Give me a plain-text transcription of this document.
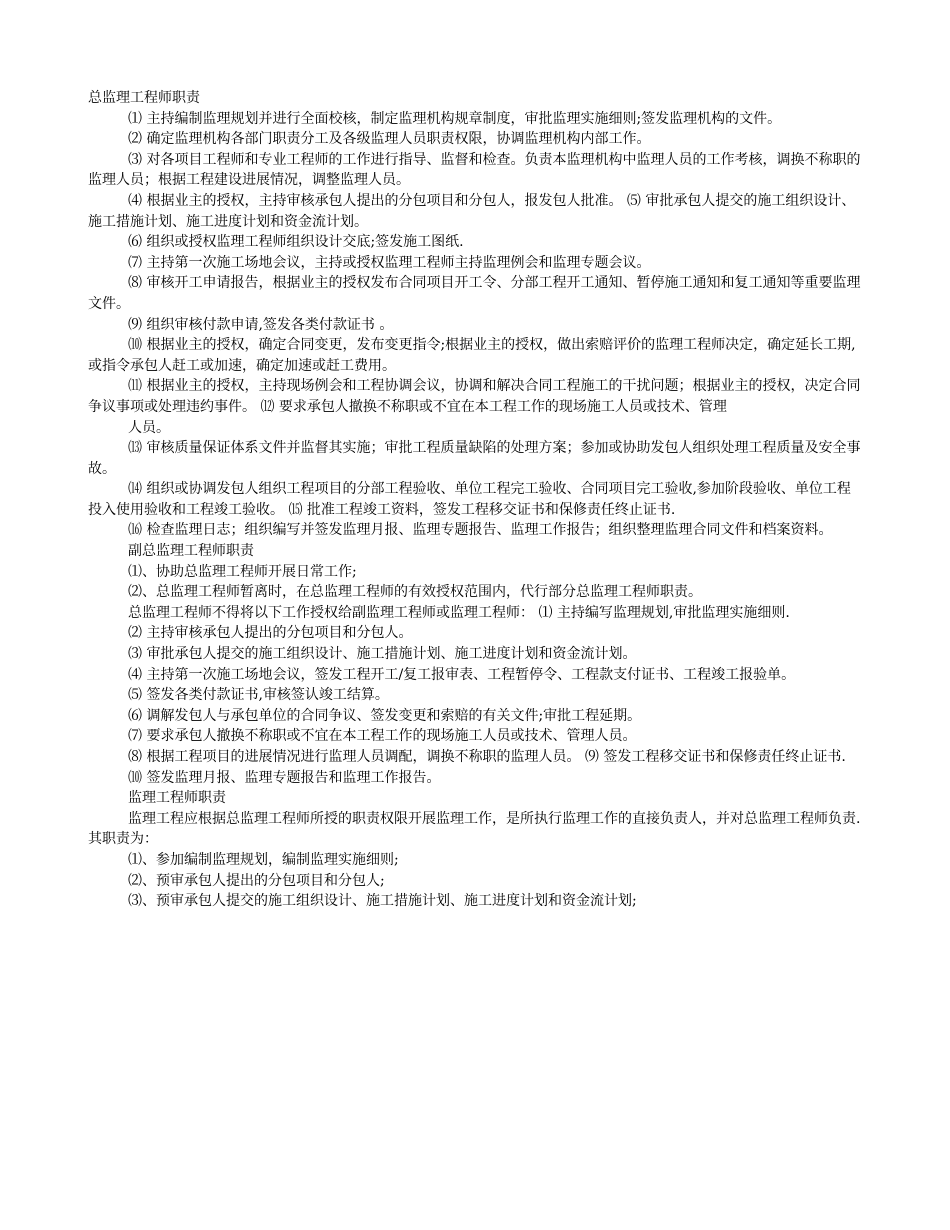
总监理工程师职责

⑴ 主持编制监理规划并进行全面校核，制定监理机构规章制度，审批监理实施细则;签发监理机构的文件。

⑵ 确定监理机构各部门职责分工及各级监理人员职责权限，协调监理机构内部工作。

⑶ 对各项目工程师和专业工程师的工作进行指导、监督和检查。负责本监理机构中监理人员的工作考核，调换不称职的监理人员；根据工程建设进展情况，调整监理人员。

⑷ 根据业主的授权，主持审核承包人提出的分包项目和分包人，报发包人批准。 ⑸ 审批承包人提交的施工组织设计、施工措施计划、施工进度计划和资金流计划。

⑹ 组织或授权监理工程师组织设计交底;签发施工图纸.

⑺ 主持第一次施工场地会议，主持或授权监理工程师主持监理例会和监理专题会议。

⑻ 审核开工申请报告，根据业主的授权发布合同项目开工令、分部工程开工通知、暂停施工通知和复工通知等重要监理文件。

⑼ 组织审核付款申请,签发各类付款证书 。

⑽ 根据业主的授权，确定合同变更，发布变更指令;根据业主的授权，做出索赔评价的监理工程师决定，确定延长工期,或指令承包人赶工或加速，确定加速或赶工费用。

⑾ 根据业主的授权，主持现场例会和工程协调会议，协调和解决合同工程施工的干扰问题；根据业主的授权，决定合同争议事项或处理违约事件。 ⑿ 要求承包人撤换不称职或不宜在本工程工作的现场施工人员或技术、管理

人员。

⒀ 审核质量保证体系文件并监督其实施；审批工程质量缺陷的处理方案；参加或协助发包人组织处理工程质量及安全事故。

⒁ 组织或协调发包人组织工程项目的分部工程验收、单位工程完工验收、合同项目完工验收,参加阶段验收、单位工程投入使用验收和工程竣工验收。 ⒂ 批准工程竣工资料，签发工程移交证书和保修责任终止证书.

⒃ 检查监理日志；组织编写并签发监理月报、监理专题报告、监理工作报告；组织整理监理合同文件和档案资料。

副总监理工程师职责

⑴、协助总监理工程师开展日常工作;

⑵、总监理工程师暂离时，在总监理工程师的有效授权范围内，代行部分总监理工程师职责。

总监理工程师不得将以下工作授权给副监理工程师或监理工程师： ⑴ 主持编写监理规划,审批监理实施细则.

⑵ 主持审核承包人提出的分包项目和分包人。

⑶ 审批承包人提交的施工组织设计、施工措施计划、施工进度计划和资金流计划。

⑷ 主持第一次施工场地会议，签发工程开工/复工报审表、工程暂停令、工程款支付证书、工程竣工报验单。

⑸ 签发各类付款证书,审核签认竣工结算。

⑹ 调解发包人与承包单位的合同争议、签发变更和索赔的有关文件;审批工程延期。

⑺ 要求承包人撤换不称职或不宜在本工程工作的现场施工人员或技术、管理人员。

⑻ 根据工程项目的进展情况进行监理人员调配，调换不称职的监理人员。 ⑼ 签发工程移交证书和保修责任终止证书.

⑽ 签发监理月报、监理专题报告和监理工作报告。

监理工程师职责

监理工程应根据总监理工程师所授的职责权限开展监理工作，是所执行监理工作的直接负责人，并对总监理工程师负责.其职责为：

⑴、参加编制监理规划，编制监理实施细则;

⑵、预审承包人提出的分包项目和分包人;

⑶、预审承包人提交的施工组织设计、施工措施计划、施工进度计划和资金流计划;
